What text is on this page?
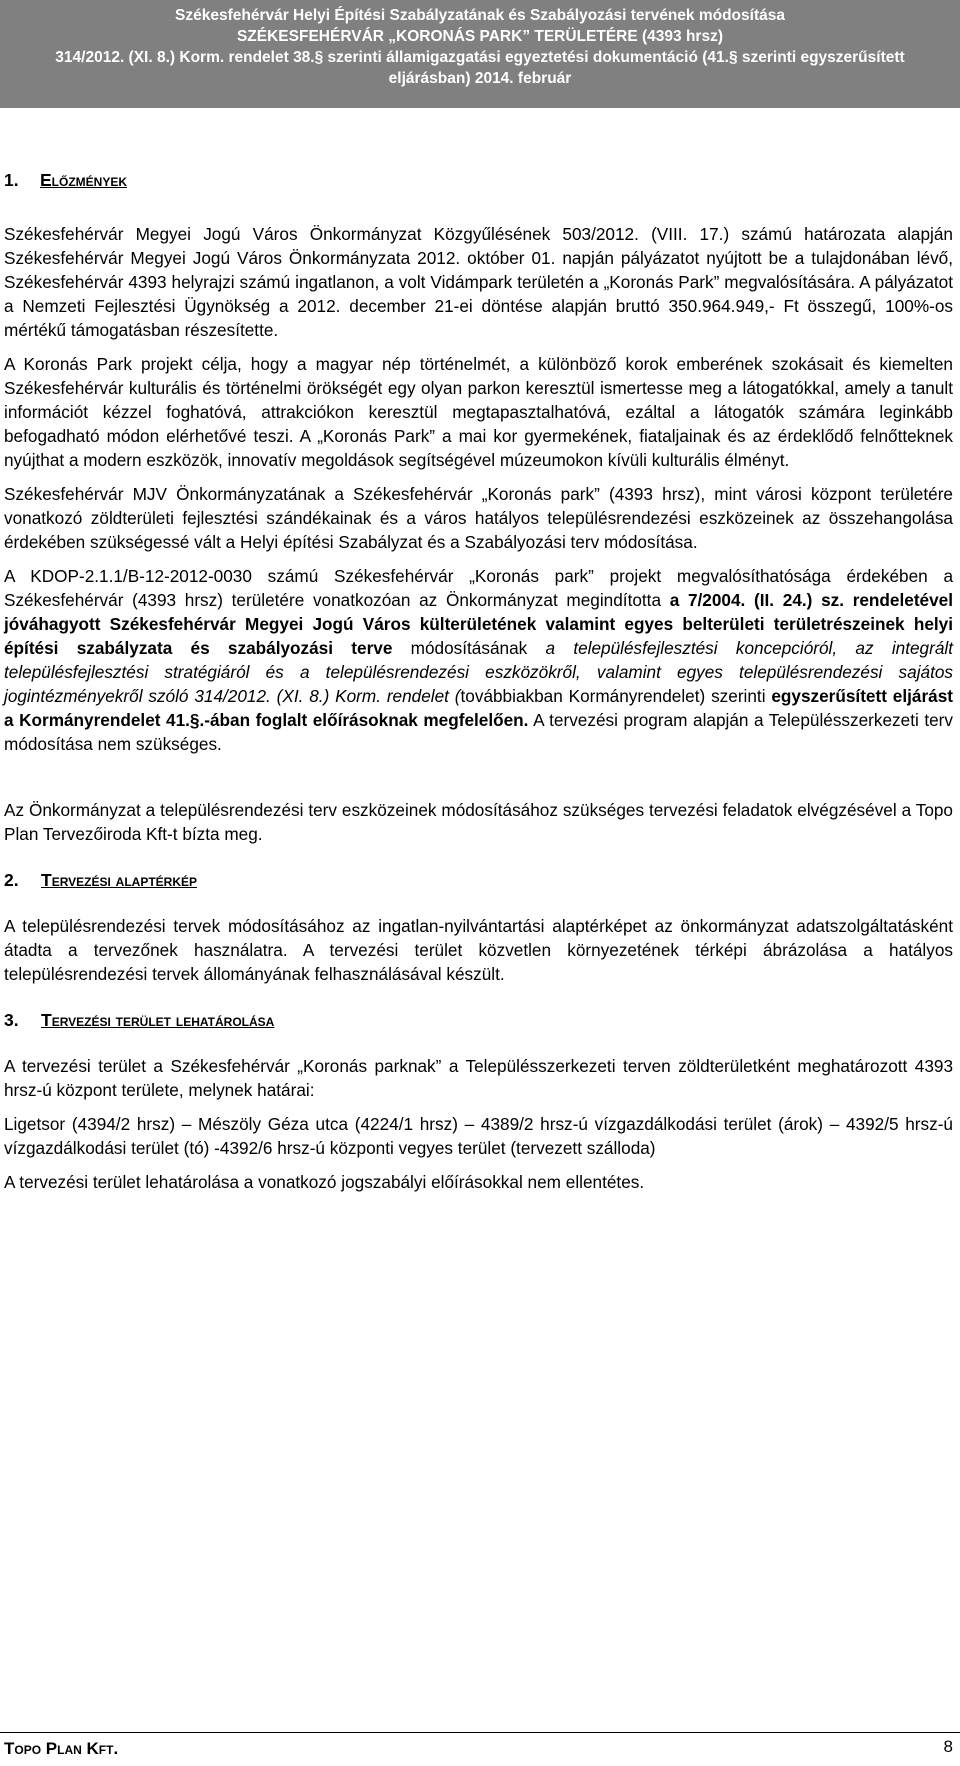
Székesfehérvár Helyi Építési Szabályzatának és Szabályozási tervének módosítása
SZÉKESFEHÉRVÁR „KORONÁS PARK” TERÜLETÉRE (4393 hrsz)
314/2012. (XI. 8.) Korm. rendelet 38.§ szerinti államigazgatási egyeztetési dokumentáció (41.§ szerinti egyszerűsített
eljárásban) 2014. február

1. Előzmények

Székesfehérvár Megyei Jogú Város Önkormányzat Közgyűlésének 503/2012. (VIII. 17.) számú határozata alapján Székesfehérvár Megyei Jogú Város Önkormányzata 2012. október 01. napján pályázatot nyújtott be a tulajdonában lévő, Székesfehérvár 4393 helyrajzi számú ingatlanon, a volt Vidámpark területén a „Koronás Park” megvalósítására. A pályázatot a Nemzeti Fejlesztési Ügynökség a 2012. december 21-ei döntése alapján bruttó 350.964.949,- Ft összegű, 100%-os mértékű támogatásban részesítette.

A Koronás Park projekt célja, hogy a magyar nép történelmét, a különböző korok emberének szokásait és kiemelten Székesfehérvár kulturális és történelmi örökségét egy olyan parkon keresztül ismertesse meg a látogatókkal, amely a tanult információt kézzel foghatóvá, attrakciókon keresztül megtapasztalhatóvá, ezáltal a látogatók számára leginkább befogadható módon elérhetővé teszi. A „Koronás Park” a mai kor gyermekének, fiataljainak és az érdeklődő felnőtteknek nyújthat a modern eszközök, innovatív megoldások segítségével múzeumokon kívüli kulturális élményt.

Székesfehérvár MJV Önkormányzatának a Székesfehérvár „Koronás park” (4393 hrsz), mint városi központ területére vonatkozó zöldterületi fejlesztési szándékainak és a város hatályos településrendezési eszközeinek az összehangolása érdekében szükségessé vált a Helyi építési Szabályzat és a Szabályozási terv módosítása.

A KDOP-2.1.1/B-12-2012-0030 számú Székesfehérvár „Koronás park” projekt megvalósíthatósága érdekében a Székesfehérvár (4393 hrsz) területére vonatkozóan az Önkormányzat megindította a 7/2004. (II. 24.) sz. rendeletével jóváhagyott Székesfehérvár Megyei Jogú Város külterületének valamint egyes belterületi területrészeinek helyi építési szabályzata és szabályozási terve módosításának a településfejlesztési koncepcióról, az integrált településfejlesztési stratégiáról és a településrendezési eszközökről, valamint egyes településrendezési sajátos jogintézményekről szóló 314/2012. (XI. 8.) Korm. rendelet (továbbiakban Kormányrendelet) szerinti egyszerűsített eljárást a Kormányrendelet 41.§.-ában foglalt előírásoknak megfelelően. A tervezési program alapján a Településszerkezeti terv módosítása nem szükséges.

Az Önkormányzat a településrendezési terv eszközeinek módosításához szükséges tervezési feladatok elvégzésével a Topo Plan Tervezőiroda Kft-t bízta meg.

2. Tervezési alaptérkép

A településrendezési tervek módosításához az ingatlan-nyilvántartási alaptérképet az önkormányzat adatszolgáltatásként átadta a tervezőnek használatra. A tervezési terület közvetlen környezetének térképi ábrázolása a hatályos településrendezési tervek állományának felhasználásával készült.

3. Tervezési terület lehatárolása

A tervezési terület a Székesfehérvár „Koronás parknak” a Településszerkezeti terven zöldterületként meghatározott 4393 hrsz-ú központ területe, melynek határai:

Ligetsor (4394/2 hrsz) – Mészöly Géza utca (4224/1 hrsz) – 4389/2 hrsz-ú vízgazdálkodási terület (árok) – 4392/5 hrsz-ú vízgazdálkodási terület (tó) -4392/6 hrsz-ú központi vegyes terület (tervezett szálloda)

A tervezési terület lehatárolása a vonatkozó jogszabályi előírásokkal nem ellentétes.

Topo Plan Kft.	8
